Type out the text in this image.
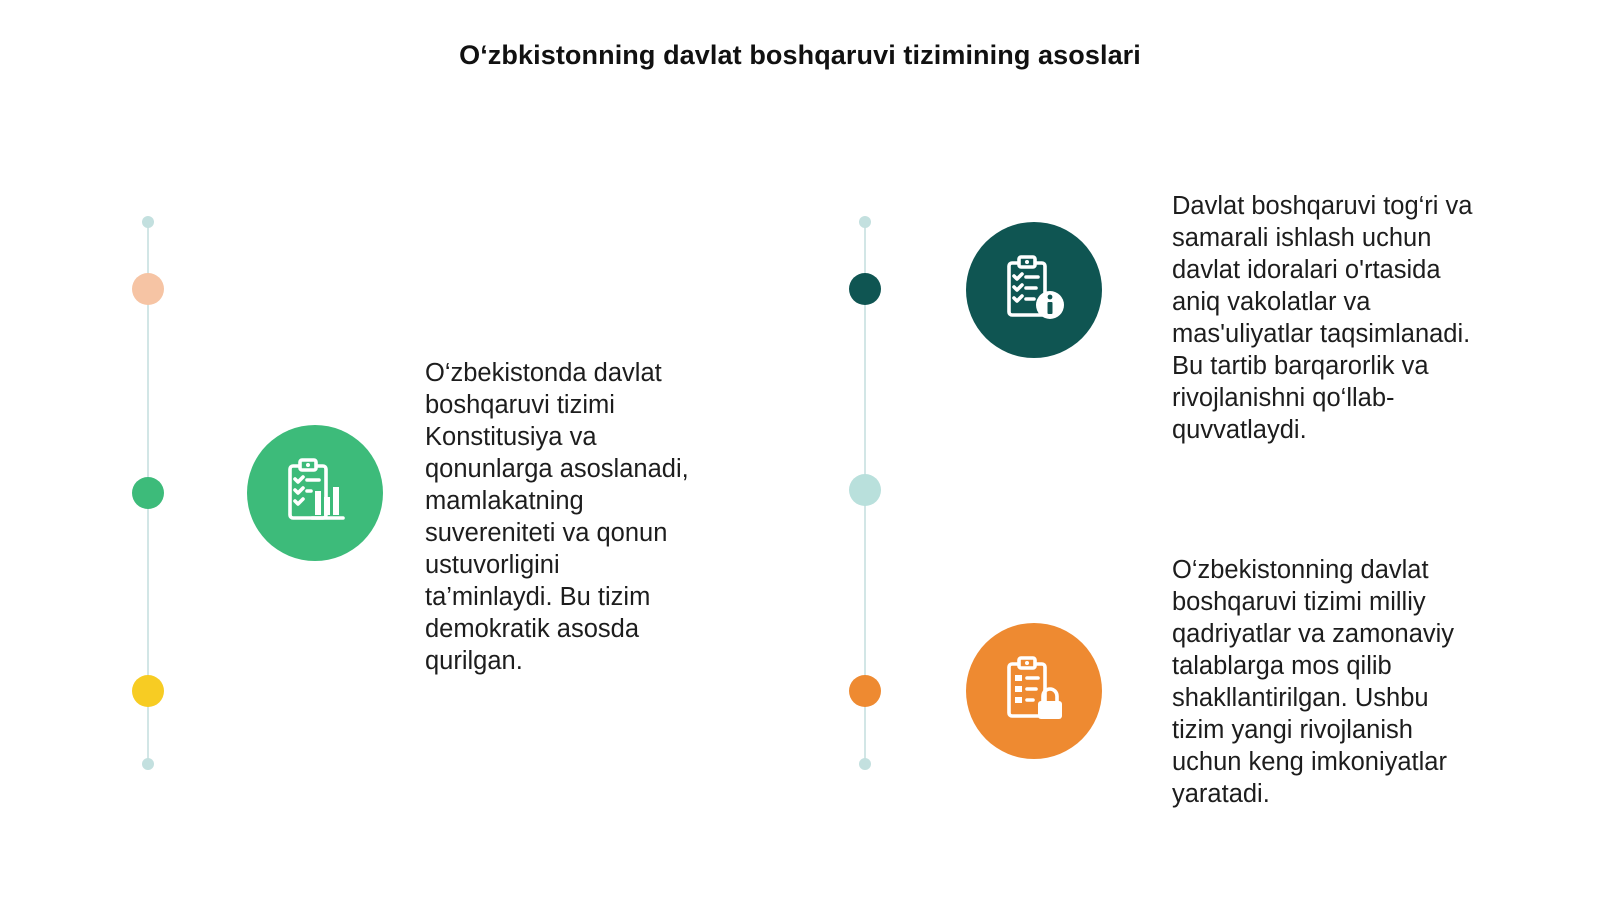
O‘zbkistonning davlat boshqaruvi tizimining asoslari
O‘zbekistonda davlat
boshqaruvi tizimi
Konstitusiya va
qonunlarga asoslanadi,
mamlakatning
suvereniteti va qonun
ustuvorligini
ta’minlaydi. Bu tizim
demokratik asosda
qurilgan.
Davlat boshqaruvi tog‘ri va
samarali ishlash uchun
davlat idoralari o'rtasida
aniq vakolatlar va
mas'uliyatlar taqsimlanadi.
Bu tartib barqarorlik va
rivojlanishni qo‘llab-
quvvatlaydi.
O‘zbekistonning davlat
boshqaruvi tizimi milliy
qadriyatlar va zamonaviy
talablarga mos qilib
shakllantirilgan. Ushbu
tizim yangi rivojlanish
uchun keng imkoniyatlar
yaratadi.
